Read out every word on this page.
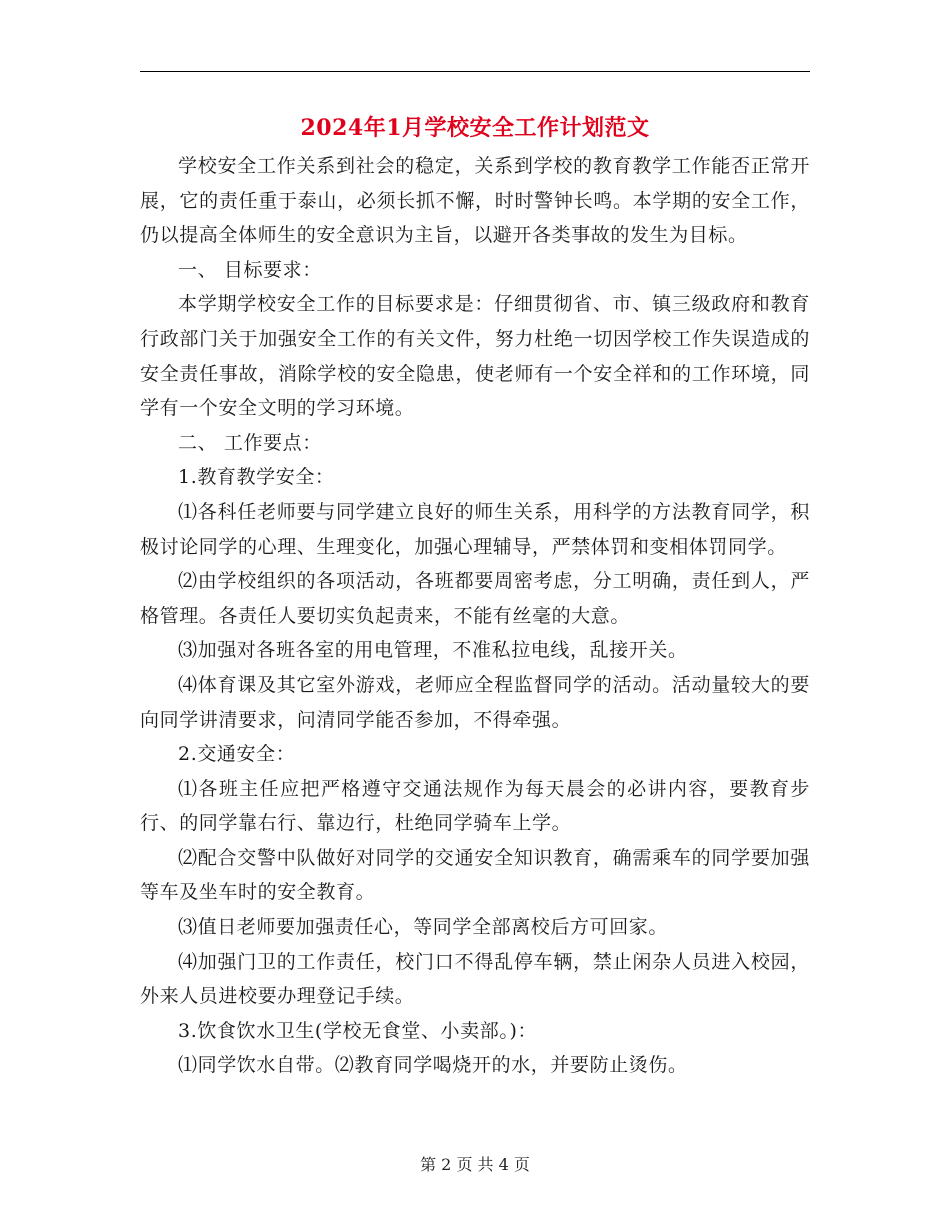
2024年1月学校安全工作计划范文

学校安全工作关系到社会的稳定，关系到学校的教育教学工作能否正常开展，它的责任重于泰山，必须长抓不懈，时时警钟长鸣。本学期的安全工作，仍以提高全体师生的安全意识为主旨，以避开各类事故的发生为目标。

一、 目标要求：

本学期学校安全工作的目标要求是：仔细贯彻省、市、镇三级政府和教育行政部门关于加强安全工作的有关文件，努力杜绝一切因学校工作失误造成的安全责任事故，消除学校的安全隐患，使老师有一个安全祥和的工作环境，同学有一个安全文明的学习环境。

二、 工作要点：

1.教育教学安全：

⑴各科任老师要与同学建立良好的师生关系，用科学的方法教育同学，积极讨论同学的心理、生理变化，加强心理辅导，严禁体罚和变相体罚同学。

⑵由学校组织的各项活动，各班都要周密考虑，分工明确，责任到人，严格管理。各责任人要切实负起责来，不能有丝毫的大意。

⑶加强对各班各室的用电管理，不准私拉电线，乱接开关。

⑷体育课及其它室外游戏，老师应全程监督同学的活动。活动量较大的要向同学讲清要求，问清同学能否参加，不得牵强。

2.交通安全：

⑴各班主任应把严格遵守交通法规作为每天晨会的必讲内容，要教育步行、的同学靠右行、靠边行，杜绝同学骑车上学。

⑵配合交警中队做好对同学的交通安全知识教育，确需乘车的同学要加强等车及坐车时的安全教育。

⑶值日老师要加强责任心，等同学全部离校后方可回家。

⑷加强门卫的工作责任，校门口不得乱停车辆，禁止闲杂人员进入校园，外来人员进校要办理登记手续。

3.饮食饮水卫生(学校无食堂、小卖部。)：

⑴同学饮水自带。⑵教育同学喝烧开的水，并要防止烫伤。

第 2 页 共 4 页
